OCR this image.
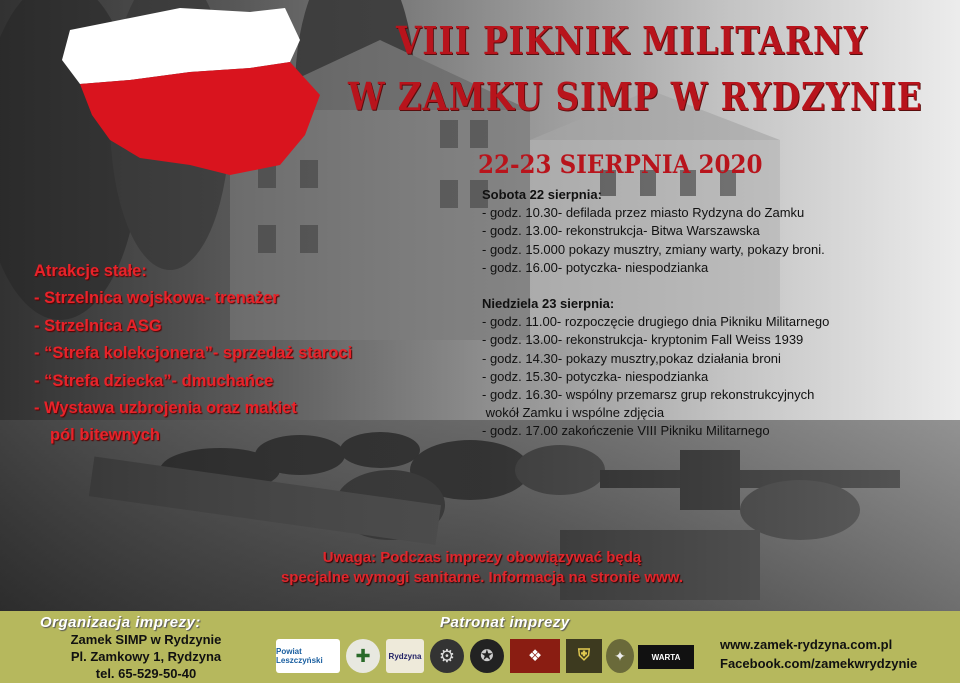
VIII PIKNIK MILITARNY
W ZAMKU SIMP W RYDZYNIE
22-23 SIERPNIA 2020
Sobota 22 sierpnia:
- godz. 10.30- defilada przez miasto Rydzyna do Zamku
- godz. 13.00- rekonstrukcja- Bitwa Warszawska
- godz. 15.000 pokazy musztry, zmiany warty, pokazy broni.
- godz. 16.00- potyczka- niespodzianka
Niedziela 23 sierpnia:
- godz. 11.00- rozpoczęcie drugiego dnia Pikniku Militarnego
- godz. 13.00- rekonstrukcja- kryptonim Fall Weiss 1939
- godz. 14.30- pokazy musztry,pokaz działania broni
- godz. 15.30- potyczka- niespodzianka
- godz. 16.30- wspólny przemarsz grup rekonstrukcyjnych
wokół Zamku i wspólne zdjęcia
- godz. 17.00 zakończenie VIII Pikniku Militarnego
Atrakcje stałe:
- Strzelnica wojskowa- trenażer
- Strzelnica ASG
- “Strefa kolekcjonera”- sprzedaż staroci
- “Strefa dziecka”- dmuchańce
- Wystawa uzbrojenia oraz makiet
pól bitewnych
Uwaga: Podczas imprezy obowiązywać będą
specjalne wymogi sanitarne. Informacja na stronie www.
Organizacja imprezy:
Zamek SIMP w Rydzynie
Pl. Zamkowy 1, Rydzyna
tel. 65-529-50-40
Patronat imprezy
Powiat Leszczyński	✚ Rydzyna ⚙ ✪ ❖ ⛨ ✦	WARTA
www.zamek-rydzyna.com.pl
Facebook.com/zamekwrydzynie
